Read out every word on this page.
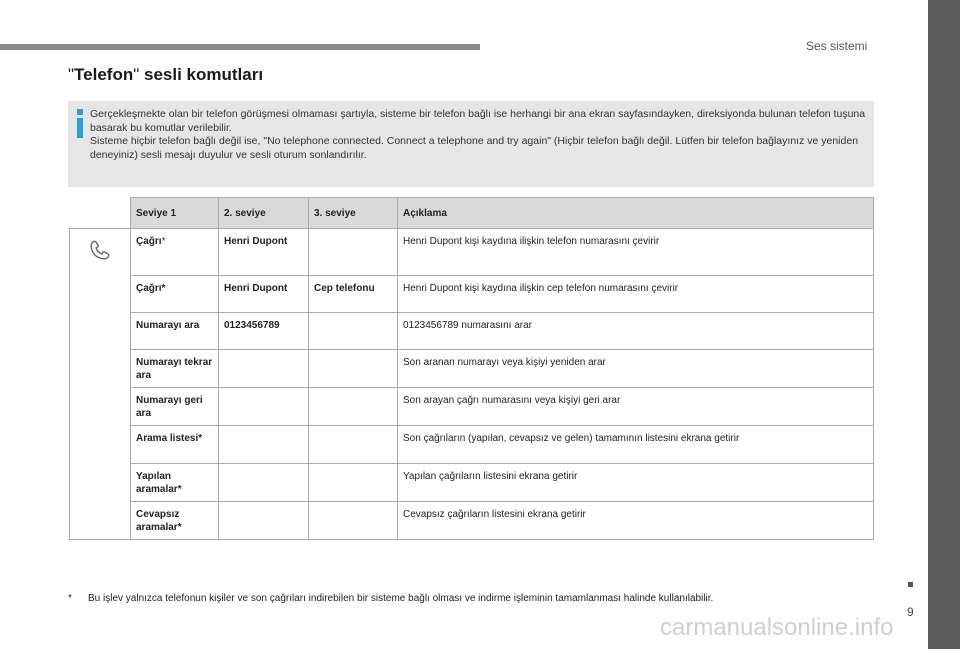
Ses sistemi
"Telefon" sesli komutları

Gerçekleşmekte olan bir telefon görüşmesi olmaması şartıyla, sisteme bir telefon bağlı ise herhangi bir ana ekran sayfasındayken, direksiyonda bulunan telefon tuşuna basarak bu komutlar verilebilir.

Sisteme hiçbir telefon bağlı değil ise, "No telephone connected. Connect a telephone and try again" (Hiçbir telefon bağlı değil. Lütfen bir telefon bağlayınız ve yeniden deneyiniz) sesli mesajı duyulur ve sesli oturum sonlandırılır.

	Seviye 1	2. seviye	3. seviye	Açıklama
	Çağrı*	Henri Dupont		Henri Dupont kişi kaydına ilişkin telefon numarasını çevirir
	Çağrı*	Henri Dupont	Cep telefonu	Henri Dupont kişi kaydına ilişkin cep telefon numarasını çevirir
	Numarayı ara	0123456789		0123456789 numarasını arar
	Numarayı tekrar ara			Son aranan numarayı veya kişiyi yeniden arar
	Numarayı geri ara			Son arayan çağrı numarasını veya kişiyi geri arar
	Arama listesi*			Son çağrıların (yapılan, cevapsız ve gelen) tamamının listesini ekrana getirir
	Yapılan aramalar*			Yapılan çağrıların listesini ekrana getirir
	Cevapsız aramalar*			Cevapsız çağrıların listesini ekrana getirir
* Bu işlev yalnızca telefonun kişiler ve son çağrıları indirebilen bir sisteme bağlı olması ve indirme işleminin tamamlanması halinde kullanılabilir.
9
carmanualsonline.info
